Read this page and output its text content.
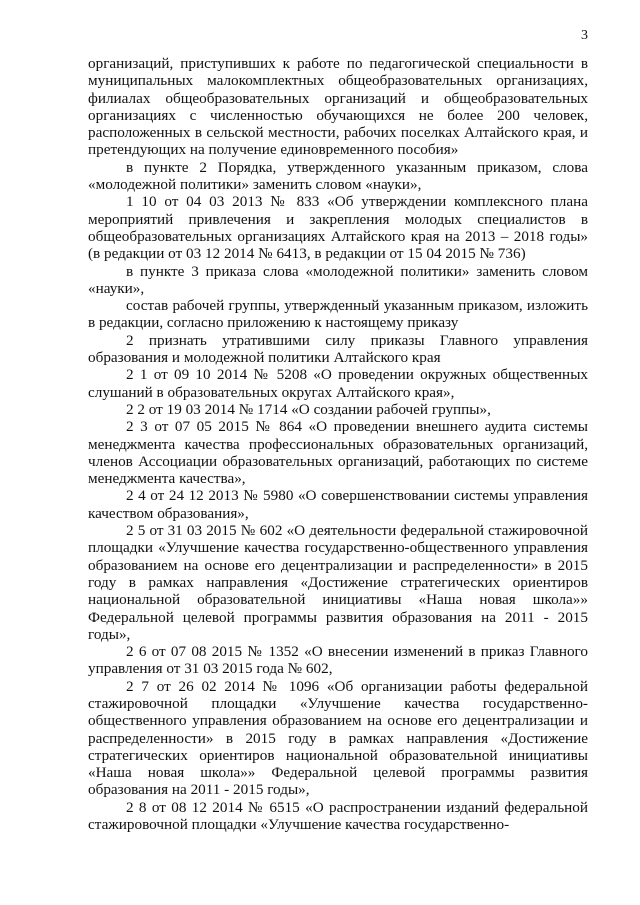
3

организаций, приступивших к работе по педагогической специальности в муниципальных малокомплектных общеобразовательных организациях, филиалах общеобразовательных организаций и общеобразовательных организациях с численностью обучающихся не более 200 человек, расположенных в сельской местности, рабочих поселках Алтайского края, и претендующих на получение единовременного пособия»

в пункте 2 Порядка, утвержденного указанным приказом, слова «молодежной политики» заменить словом «науки»,

1 10 от 04 03 2013 № 833 «Об утверждении комплексного плана мероприятий привлечения и закрепления молодых специалистов в общеобразовательных организациях Алтайского края на 2013 – 2018 годы» (в редакции от 03 12 2014 № 6413, в редакции от 15 04 2015 № 736)

в пункте 3 приказа слова «молодежной политики» заменить словом «науки»,

состав рабочей группы, утвержденный указанным приказом, изложить в редакции, согласно приложению к настоящему приказу

2 признать утратившими силу приказы Главного управления образования и молодежной политики Алтайского края

2 1 от 09 10 2014 № 5208 «О проведении окружных общественных слушаний в образовательных округах Алтайского края»,

2 2 от 19 03 2014 № 1714 «О создании рабочей группы»,

2 3 от 07 05 2015 № 864 «О проведении внешнего аудита системы менеджмента качества профессиональных образовательных организаций, членов Ассоциации образовательных организаций, работающих по системе менеджмента качества»,

2 4 от 24 12 2013 № 5980 «О совершенствовании системы управления качеством образования»,

2 5 от 31 03 2015 № 602 «О деятельности федеральной стажировочной площадки «Улучшение качества государственно-общественного управления образованием на основе его децентрализации и распределенности» в 2015 году в рамках направления «Достижение стратегических ориентиров национальной образовательной инициативы «Наша новая школа»» Федеральной целевой программы развития образования на 2011 - 2015 годы»,

2 6 от 07 08 2015 № 1352 «О внесении изменений в приказ Главного управления от 31 03 2015 года № 602,

2 7 от 26 02 2014 № 1096 «Об организации работы федеральной стажировочной площадки «Улучшение качества государственно-общественного управления образованием на основе его децентрализации и распределенности» в 2015 году в рамках направления «Достижение стратегических ориентиров национальной образовательной инициативы «Наша новая школа»» Федеральной целевой программы развития образования на 2011 - 2015 годы»,

2 8 от 08 12 2014 № 6515 «О распространении изданий федеральной стажировочной площадки «Улучшение качества государственно-
